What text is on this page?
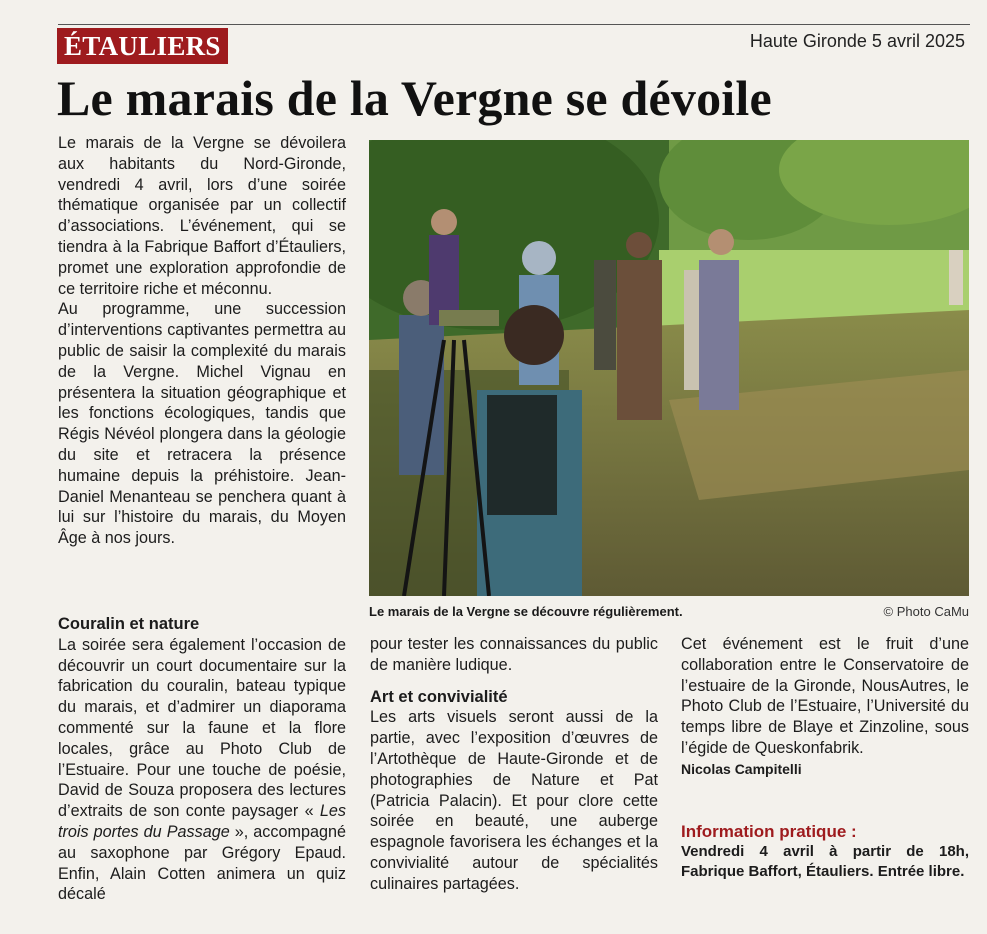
ÉTAULIERS	Haute Gironde 5 avril 2025
Le marais de la Vergne se dévoile

Le marais de la Vergne se dévoilera aux habitants du Nord-Gironde, vendredi 4 avril, lors d’une soirée thématique organisée par un collectif d’associations. L’événement, qui se tiendra à la Fabrique Baffort d’Étauliers, promet une exploration approfondie de ce territoire riche et méconnu.

Au programme, une succession d’interventions captivantes permettra au public de saisir la complexité du marais de la Vergne. Michel Vignau en présentera la situation géographique et les fonctions écologiques, tandis que Régis Névéol plongera dans la géologie du site et retracera la présence humaine depuis la préhistoire. Jean-Daniel Menanteau se penchera quant à lui sur l’histoire du marais, du Moyen Âge à nos jours.

Couralin et nature

La soirée sera également l’occasion de découvrir un court documentaire sur la fabrication du couralin, bateau typique du marais, et d’admirer un diaporama commenté sur la faune et la flore locales, grâce au Photo Club de l’Estuaire. Pour une touche de poésie, David de Souza proposera des lectures d’extraits de son conte paysager « Les trois portes du Passage », accompagné au saxophone par Grégory Epaud. Enfin, Alain Cotten animera un quiz décalé

Le marais de la Vergne se découvre régulièrement.	© Photo CaMu

pour tester les connaissances du public de manière ludique.

Art et convivialité

Les arts visuels seront aussi de la partie, avec l’exposition d’œuvres de l’Artothèque de Haute-Gironde et de photographies de Nature et Pat (Patricia Palacin). Et pour clore cette soirée en beauté, une auberge espagnole favorisera les échanges et la convivialité autour de spécialités culinaires partagées.

Cet événement est le fruit d’une collaboration entre le Conservatoire de l’estuaire de la Gironde, NousAutres, le Photo Club de l’Estuaire, l’Université du temps libre de Blaye et Zinzoline, sous l’égide de Queskonfabrik.

Nicolas Campitelli

Information pratique :

Vendredi 4 avril à partir de 18h, Fabrique Baffort, Étauliers. Entrée libre.
